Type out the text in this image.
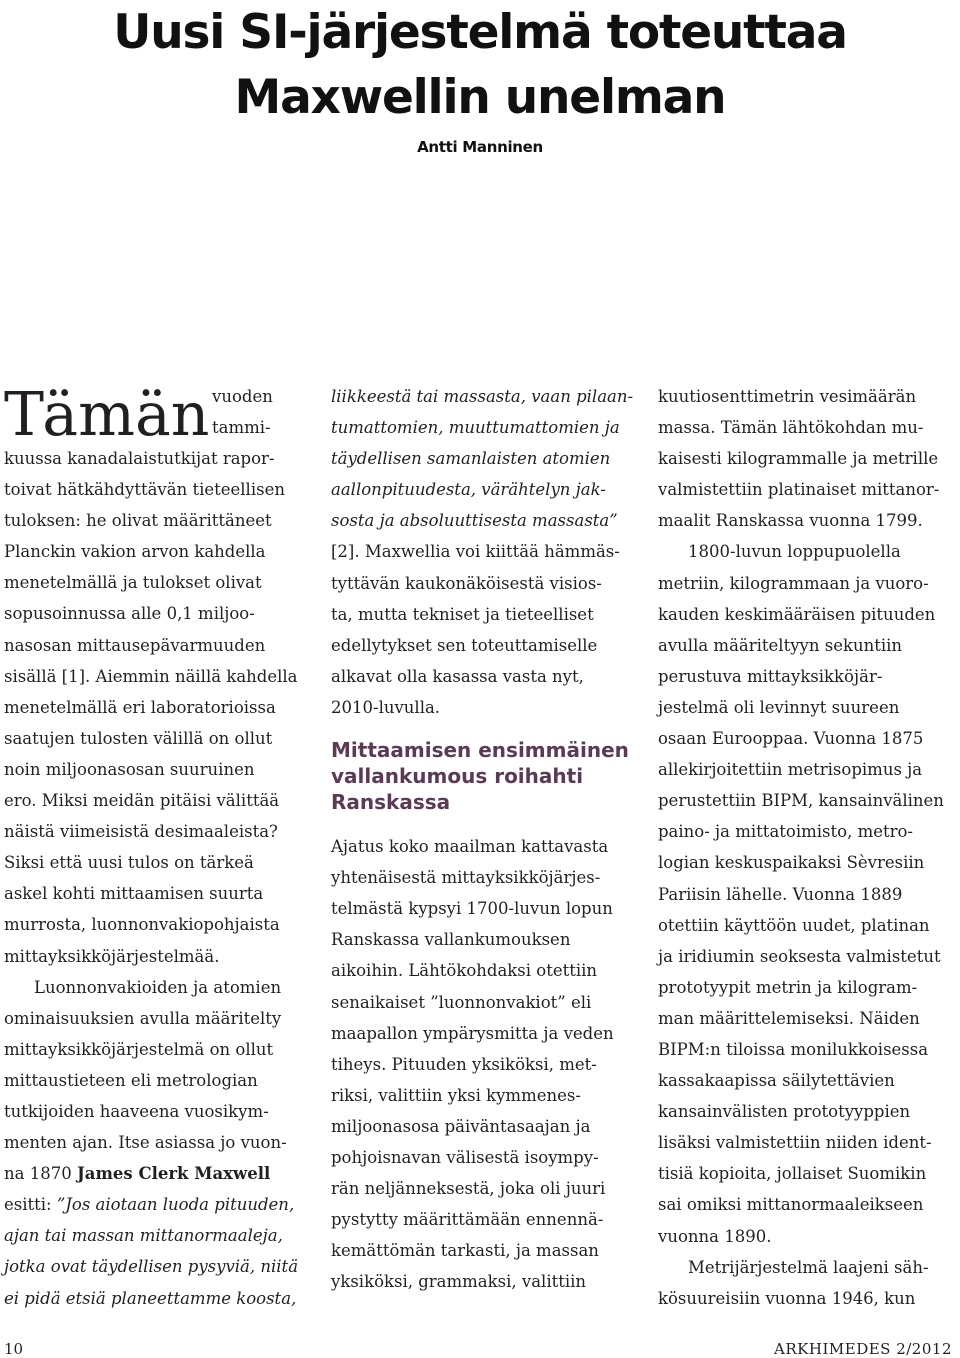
Uusi SI-järjestelmä toteuttaa
Maxwellin unelman
Antti Manninen
Tämän vuoden
tammi-
kuussa kanadalaistutkijat rapor-
toivat hätkähdyttävän tieteellisen
tuloksen: he olivat määrittäneet
Planckin vakion arvon kahdella
menetelmällä ja tulokset olivat
sopusoinnussa alle 0,1 miljoo-
nasosan mittausepävarmuuden
sisällä [1]. Aiemmin näillä kahdella
menetelmällä eri laboratorioissa
saatujen tulosten välillä on ollut
noin miljoonasosan suuruinen
ero. Miksi meidän pitäisi välittää
näistä viimeisistä desimaaleista?
Siksi että uusi tulos on tärkeä
askel kohti mittaamisen suurta
murrosta, luonnonvakiopohjaista
mittayksikköjärjestelmää.
Luonnonvakioiden ja atomien
ominaisuuksien avulla määritelty
mittayksikköjärjestelmä on ollut
mittaustieteen eli metrologian
tutkijoiden haaveena vuosikym-
menten ajan. Itse asiassa jo vuon-
na 1870 James Clerk Maxwell
esitti: ”Jos aiotaan luoda pituuden,
ajan tai massan mittanormaaleja,
jotka ovat täydellisen pysyviä, niitä
ei pidä etsiä planeettamme koosta,
liikkeestä tai massasta, vaan pilaan-
tumattomien, muuttumattomien ja
täydellisen samanlaisten atomien
aallonpituudesta, värähtelyn jak-
sosta ja absoluuttisesta massasta”
[2]. Maxwellia voi kiittää hämmäs-
tyttävän kaukonäköisestä visios-
ta, mutta tekniset ja tieteelliset
edellytykset sen toteuttamiselle
alkavat olla kasassa vasta nyt,
2010-luvulla.
Mittaamisen ensimmäinen
vallankumous roihahti
Ranskassa
Ajatus koko maailman kattavasta
yhtenäisestä mittayksikköjärjes-
telmästä kypsyi 1700-luvun lopun
Ranskassa vallankumouksen
aikoihin. Lähtökohdaksi otettiin
senaikaiset ”luonnonvakiot” eli
maapallon ympärysmitta ja veden
tiheys. Pituuden yksiköksi, met-
riksi, valittiin yksi kymmenes-
miljoonasosa päiväntasaajan ja
pohjoisnavan välisestä isoympy-
rän neljänneksestä, joka oli juuri
pystytty määrittämään ennennä-
kemättömän tarkasti, ja massan
yksiköksi, grammaksi, valittiin
kuutiosenttimetrin vesimäärän
massa. Tämän lähtökohdan mu-
kaisesti kilogrammalle ja metrille
valmistettiin platinaiset mittanor-
maalit Ranskassa vuonna 1799.
1800-luvun loppupuolella
metriin, kilogrammaan ja vuoro-
kauden keskimääräisen pituuden
avulla määriteltyyn sekuntiin
perustuva mittayksikköjär-
jestelmä oli levinnyt suureen
osaan Eurooppaa. Vuonna 1875
allekirjoitettiin metrisopimus ja
perustettiin BIPM, kansainvälinen
paino- ja mittatoimisto, metro-
logian keskuspaikaksi Sèvresiin
Pariisin lähelle. Vuonna 1889
otettiin käyttöön uudet, platinan
ja iridiumin seoksesta valmistetut
prototyypit metrin ja kilogram-
man määrittelemiseksi. Näiden
BIPM:n tiloissa monilukkoisessa
kassakaapissa säilytettävien
kansainvälisten prototyyppien
lisäksi valmistettiin niiden ident-
tisiä kopioita, jollaiset Suomikin
sai omiksi mittanormaaleikseen
vuonna 1890.
Metrijärjestelmä laajeni säh-
kösuureisiin vuonna 1946, kun
10	ARKHIMEDES 2/2012
